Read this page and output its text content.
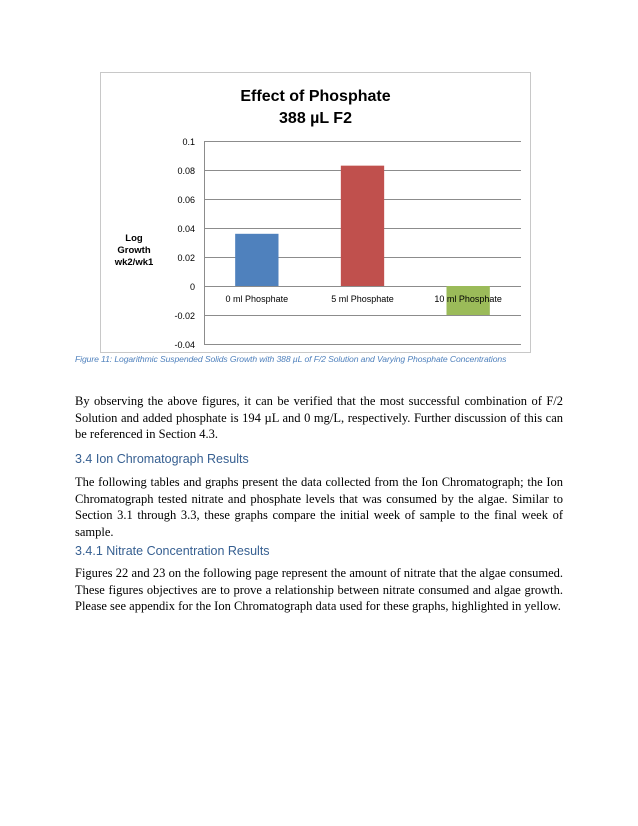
Effect of Phosphate
388 µL F2
Log Growth
wk2/wk1
-0.04
-0.02
0
0.02
0.04
0.06
0.08
0.1
0 ml Phosphate	5 ml Phosphate	10 ml Phosphate
Figure 11: Logarithmic Suspended Solids Growth with 388 µL of F/2 Solution and Varying Phosphate Concentrations

By observing the above figures, it can be verified that the most successful combination of F/2 Solution and added phosphate is 194 µL and 0 mg/L, respectively. Further discussion of this can be referenced in Section 4.3.

3.4 Ion Chromatograph Results

The following tables and graphs present the data collected from the Ion Chromatograph; the Ion Chromatograph tested nitrate and phosphate levels that was consumed by the algae. Similar to Section 3.1 through 3.3, these graphs compare the initial week of sample to the final week of sample.

3.4.1 Nitrate Concentration Results

Figures 22 and 23 on the following page represent the amount of nitrate that the algae consumed. These figures objectives are to prove a relationship between nitrate consumed and algae growth. Please see appendix for the Ion Chromatograph data used for these graphs, highlighted in yellow.
